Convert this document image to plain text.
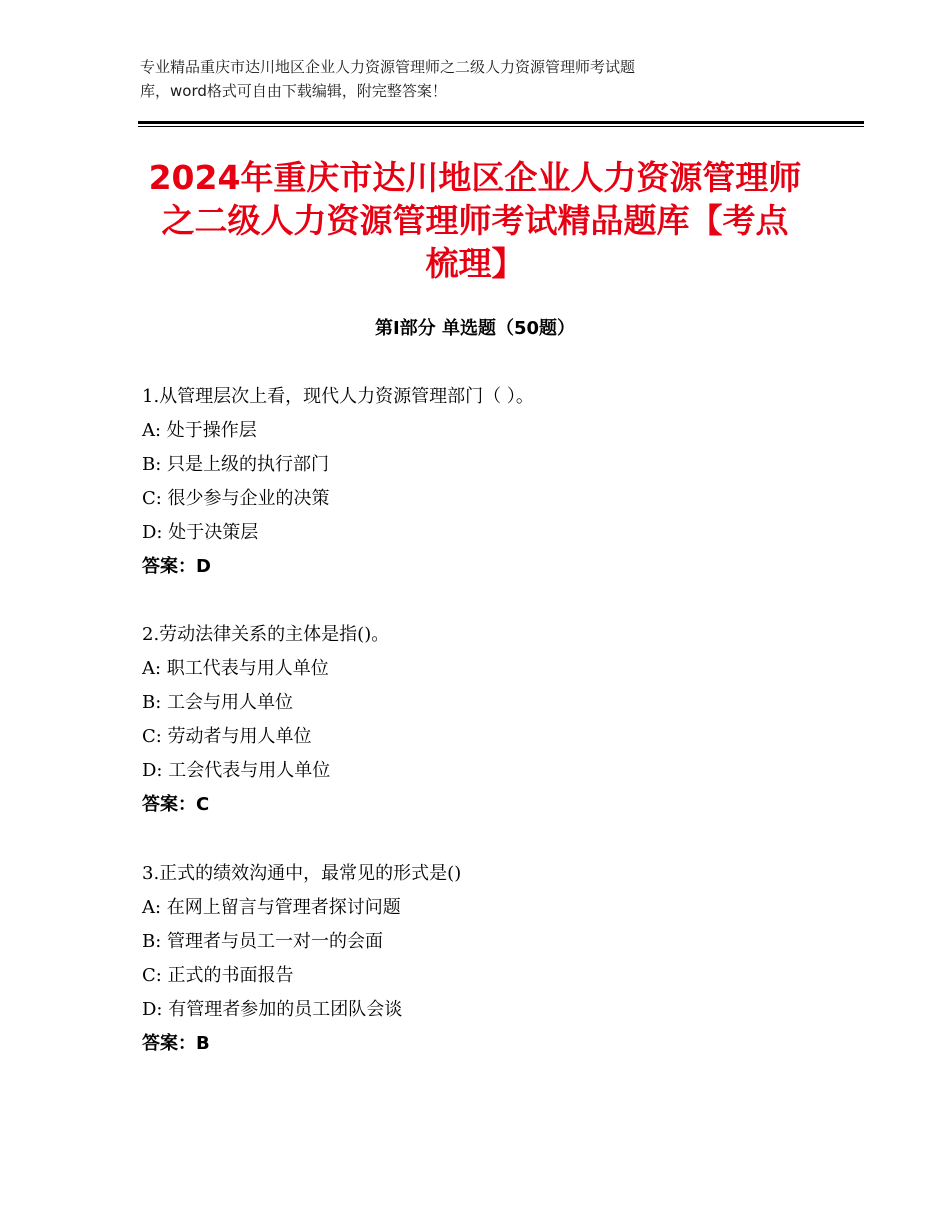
专业精品重庆市达川地区企业人力资源管理师之二级人力资源管理师考试题
库，word格式可自由下载编辑，附完整答案！
2024年重庆市达川地区企业人力资源管理师
之二级人力资源管理师考试精品题库【考点
梳理】
第Ⅰ部分 单选题（50题）
1.从管理层次上看，现代人力资源管理部门（ ）。
A: 处于操作层
B: 只是上级的执行部门
C: 很少参与企业的决策
D: 处于决策层
答案：D
2.劳动法律关系的主体是指()。
A: 职工代表与用人单位
B: 工会与用人单位
C: 劳动者与用人单位
D: 工会代表与用人单位
答案：C
3.正式的绩效沟通中，最常见的形式是()
A: 在网上留言与管理者探讨问题
B: 管理者与员工一对一的会面
C: 正式的书面报告
D: 有管理者参加的员工团队会谈
答案：B
